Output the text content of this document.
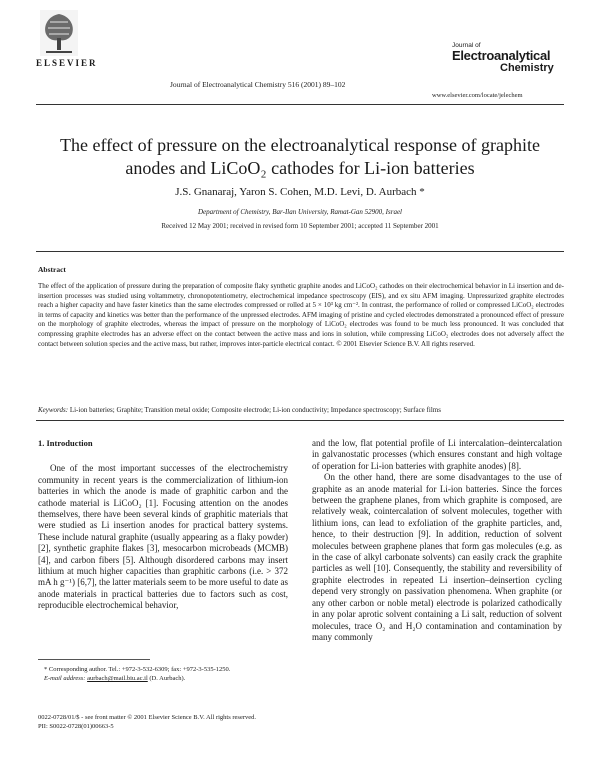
ELSEVIER
Journal of Electroanalytical Chemistry 516 (2001) 89–102
Journal of
Electroanalytical
Chemistry
www.elsevier.com/locate/jelechem
The effect of pressure on the electroanalytical response of graphite anodes and LiCoO₂ cathodes for Li-ion batteries
J.S. Gnanaraj, Yaron S. Cohen, M.D. Levi, D. Aurbach *
Department of Chemistry, Bar-Ilan University, Ramat-Gan 52900, Israel
Received 12 May 2001; received in revised form 10 September 2001; accepted 11 September 2001
Abstract
The effect of the application of pressure during the preparation of composite flaky synthetic graphite anodes and LiCoO₂ cathodes on their electrochemical behavior in Li insertion and de-insertion processes was studied using voltammetry, chronopotentiometry, electrochemical impedance spectroscopy (EIS), and ex situ AFM imaging. Unpressurized graphite electrodes reach a higher capacity and have faster kinetics than the same electrodes compressed or rolled at 5 × 10³ kg cm⁻². In contrast, the performance of rolled or compressed LiCoO₂ electrodes in terms of capacity and kinetics was better than the performance of the unpressed electrodes. AFM imaging of pristine and cycled electrodes demonstrated a pronounced effect of pressure on the morphology of graphite electrodes, whereas the impact of pressure on the morphology of LiCoO₂ electrodes was found to be much less pronounced. It was concluded that compressing graphite electrodes has an adverse effect on the contact between the active mass and ions in solution, while compressing LiCoO₂ electrodes does not adversely affect the contact between solution species and the active mass, but rather, improves inter-particle electrical contact. © 2001 Elsevier Science B.V. All rights reserved.
Keywords: Li-ion batteries; Graphite; Transition metal oxide; Composite electrode; Li-ion conductivity; Impedance spectroscopy; Surface films
1. Introduction

One of the most important successes of the electrochemistry community in recent years is the commercialization of lithium-ion batteries in which the anode is made of graphitic carbon and the cathode material is LiCoO₂ [1]. Focusing attention on the anodes themselves, there have been several kinds of graphitic materials that were studied as Li insertion anodes for practical battery systems. These include natural graphite (usually appearing as a flaky powder) [2], synthetic graphite flakes [3], mesocarbon microbeads (MCMB) [4], and carbon fibers [5]. Although disordered carbons may insert lithium at much higher capacities than graphitic carbons (i.e. > 372 mA h g⁻¹) [6,7], the latter materials seem to be more useful to date as anode materials in practical batteries due to factors such as cost, reproducible electrochemical behavior,

and the low, flat potential profile of Li intercalation–deintercalation in galvanostatic processes (which ensures constant and high voltage of operation for Li-ion batteries with graphite anodes) [8].

On the other hand, there are some disadvantages to the use of graphite as an anode material for Li-ion batteries. Since the forces between the graphene planes, from which graphite is composed, are relatively weak, cointercalation of solvent molecules, together with lithium ions, can lead to exfoliation of the graphite particles, and, hence, to their destruction [9]. In addition, reduction of solvent molecules between graphene planes that form gas molecules (e.g. as in the case of alkyl carbonate solvents) can easily crack the graphite particles as well [10]. Consequently, the stability and reversibility of graphite electrodes in repeated Li insertion–deinsertion cycling depend very strongly on passivation phenomena. When graphite (or any other carbon or noble metal) electrode is polarized cathodically in any polar aprotic solvent containing a Li salt, reduction of solvent molecules, trace O₂ and H₂O contamination and contamination by many commonly

* Corresponding author. Tel.: +972-3-532-6309; fax: +972-3-535-1250.
E-mail address: aurbach@mail.biu.ac.il (D. Aurbach).
0022-0728/01/$ - see front matter © 2001 Elsevier Science B.V. All rights reserved.
PII: S0022-0728(01)00663-5
